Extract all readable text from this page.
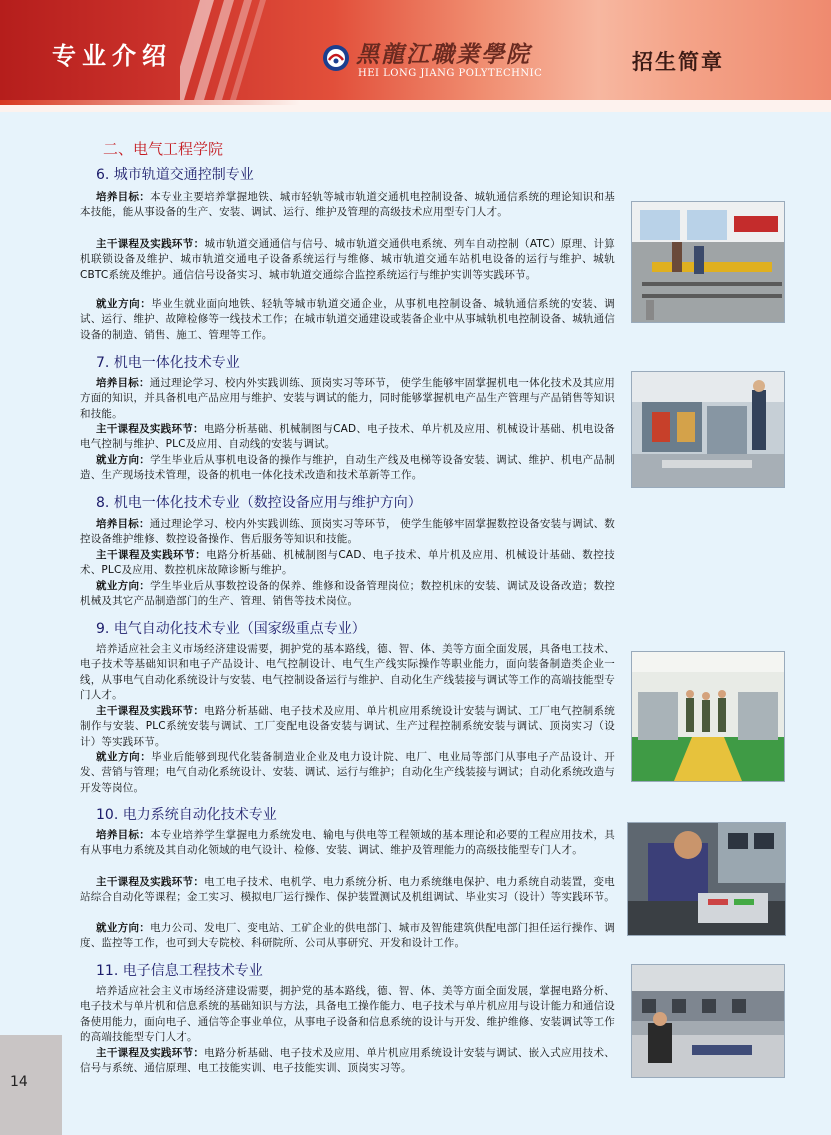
专业介绍	黑龍江職業學院
HEI LONG JIANG POLYTECHNIC	招生简章
二、电气工程学院
6. 城市轨道交通控制专业

培养目标：本专业主要培养掌握地铁、城市轻轨等城市轨道交通机电控制设备、城轨通信系统的理论知识和基本技能，能从事设备的生产、安装、调试、运行、维护及管理的高级技术应用型专门人才。

主干课程及实践环节：城市轨道交通通信与信号、城市轨道交通供电系统、列车自动控制（ATC）原理、计算机联锁设备及维护、城市轨道交通电子设备系统运行与维修、城市轨道交通车站机电设备的运行与维护、城轨CBTC系统及维护。通信信号设备实习、城市轨道交通综合监控系统运行与维护实训等实践环节。

就业方向：毕业生就业面向地铁、轻轨等城市轨道交通企业，从事机电控制设备、城轨通信系统的安装、调试、运行、维护、故障检修等一线技术工作；在城市轨道交通建设或装备企业中从事城轨机电控制设备、城轨通信设备的制造、销售、施工、管理等工作。

7. 机电一体化技术专业

培养目标：通过理论学习、校内外实践训练、顶岗实习等环节， 使学生能够牢固掌握机电一体化技术及其应用方面的知识，并具备机电产品应用与维护、安装与调试的能力，同时能够掌握机电产品生产管理与产品销售等知识和技能。

主干课程及实践环节：电路分析基础、机械制图与CAD、电子技术、单片机及应用、机械设计基础、机电设备电气控制与维护、PLC及应用、自动线的安装与调试。

就业方向：学生毕业后从事机电设备的操作与维护，自动生产线及电梯等设备安装、调试、维护、机电产品制造、生产现场技术管理，设备的机电一体化技术改造和技术革新等工作。

8. 机电一体化技术专业（数控设备应用与维护方向）

培养目标：通过理论学习、校内外实践训练、顶岗实习等环节， 使学生能够牢固掌握数控设备安装与调试、数控设备维护维修、数控设备操作、售后服务等知识和技能。

主干课程及实践环节：电路分析基础、机械制图与CAD、电子技术、单片机及应用、机械设计基础、数控技术、PLC及应用、数控机床故障诊断与维护。

就业方向：学生毕业后从事数控设备的保养、维修和设备管理岗位；数控机床的安装、调试及设备改造；数控机械及其它产品制造部门的生产、管理、销售等技术岗位。

9. 电气自动化技术专业（国家级重点专业）

培养适应社会主义市场经济建设需要，拥护党的基本路线，德、智、体、美等方面全面发展，具备电工技术、电子技术等基础知识和电子产品设计、电气控制设计、电气生产线实际操作等职业能力，面向装备制造类企业一线，从事电气自动化系统设计与安装、电气控制设备运行与维护、自动化生产线装接与调试等工作的高端技能型专门人才。

主干课程及实践环节：电路分析基础、电子技术及应用、单片机应用系统设计安装与调试、工厂电气控制系统制作与安装、PLC系统安装与调试、工厂变配电设备安装与调试、生产过程控制系统安装与调试、顶岗实习（设计）等实践环节。

就业方向：毕业后能够到现代化装备制造业企业及电力设计院、电厂、电业局等部门从事电子产品设计、开发、营销与管理；电气自动化系统设计、安装、调试、运行与维护；自动化生产线装接与调试；自动化系统改造与开发等岗位。

10. 电力系统自动化技术专业

培养目标：本专业培养学生掌握电力系统发电、输电与供电等工程领域的基本理论和必要的工程应用技术，具有从事电力系统及其自动化领域的电气设计、检修、安装、调试、维护及管理能力的高级技能型专门人才。

主干课程及实践环节：电工电子技术、电机学、电力系统分析、电力系统继电保护、电力系统自动装置，变电站综合自动化等课程；金工实习、模拟电厂运行操作、保护装置测试及机组调试、毕业实习（设计）等实践环节。

就业方向：电力公司、发电厂、变电站、工矿企业的供电部门、城市及智能建筑供配电部门担任运行操作、调度、监控等工作，也可到大专院校、科研院所、公司从事研究、开发和设计工作。

11. 电子信息工程技术专业

培养适应社会主义市场经济建设需要，拥护党的基本路线，德、智、体、美等方面全面发展，掌握电路分析、电子技术与单片机和信息系统的基础知识与方法，具备电工操作能力、电子技术与单片机应用与设计能力和通信设备使用能力，面向电子、通信等企事业单位，从事电子设备和信息系统的设计与开发、维护维修、安装调试等工作的高端技能型专门人才。

主干课程及实践环节：电路分析基础、电子技术及应用、单片机应用系统设计安装与调试、嵌入式应用技术、信号与系统、通信原理、电工技能实训、电子技能实训、顶岗实习等。

14
